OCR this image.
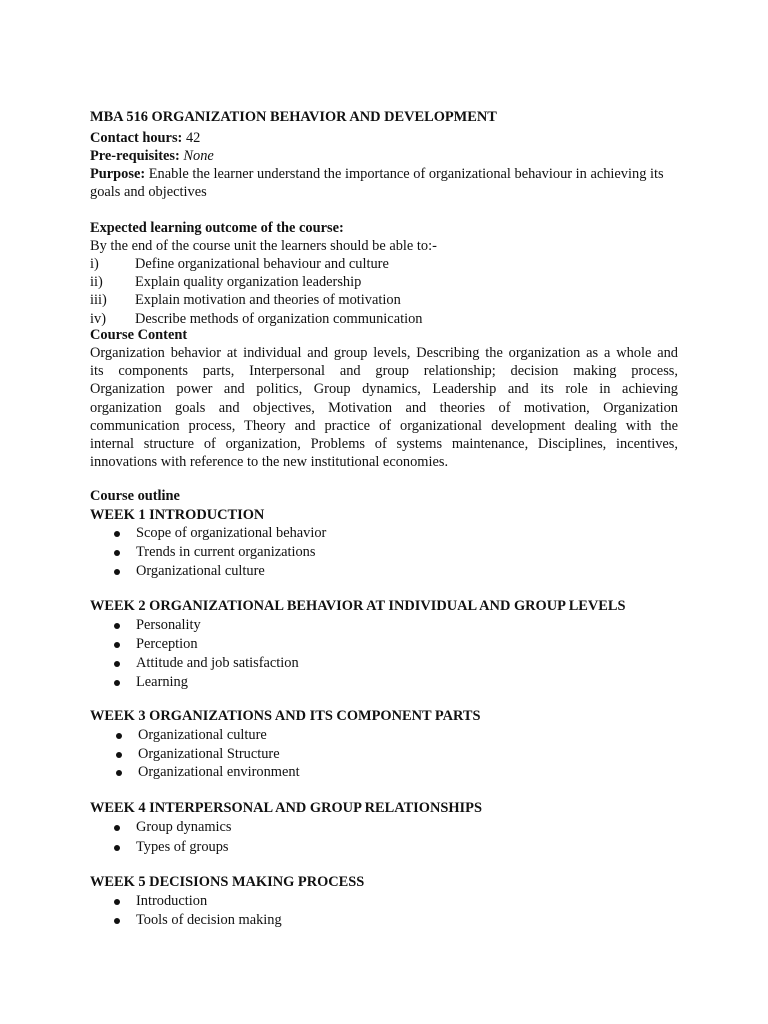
MBA 516 ORGANIZATION BEHAVIOR AND DEVELOPMENT
Contact hours: 42
Pre-requisites: None
Purpose: Enable the learner understand the importance of organizational behaviour in achieving its goals and objectives
Expected learning outcome of the course:
By the end of the course unit the learners should be able to:-
i)	Define organizational behaviour and culture
ii) Explain quality organization leadership
iii) Explain motivation and theories of motivation
iv) Describe methods of organization communication
Course Content
Organization behavior at individual and group levels, Describing the organization as a whole and
its components parts, Interpersonal and group relationship; decision making process,
Organization power and politics, Group dynamics, Leadership and its role in achieving
organization goals and objectives, Motivation and theories of motivation, Organization
communication process, Theory and practice of organizational development dealing with the
internal structure of organization, Problems of systems maintenance, Disciplines, incentives,
innovations with reference to the new institutional economies.
Course outline
WEEK 1 INTRODUCTION
Scope of organizational behavior
Trends in current organizations
Organizational culture
WEEK 2 ORGANIZATIONAL BEHAVIOR AT INDIVIDUAL AND GROUP LEVELS
Personality
Perception
Attitude and job satisfaction
Learning
WEEK 3 ORGANIZATIONS AND ITS COMPONENT PARTS
Organizational culture
Organizational Structure
Organizational environment
WEEK 4 INTERPERSONAL AND GROUP RELATIONSHIPS
Group dynamics
Types of groups
WEEK 5 DECISIONS MAKING PROCESS
Introduction
Tools of decision making
